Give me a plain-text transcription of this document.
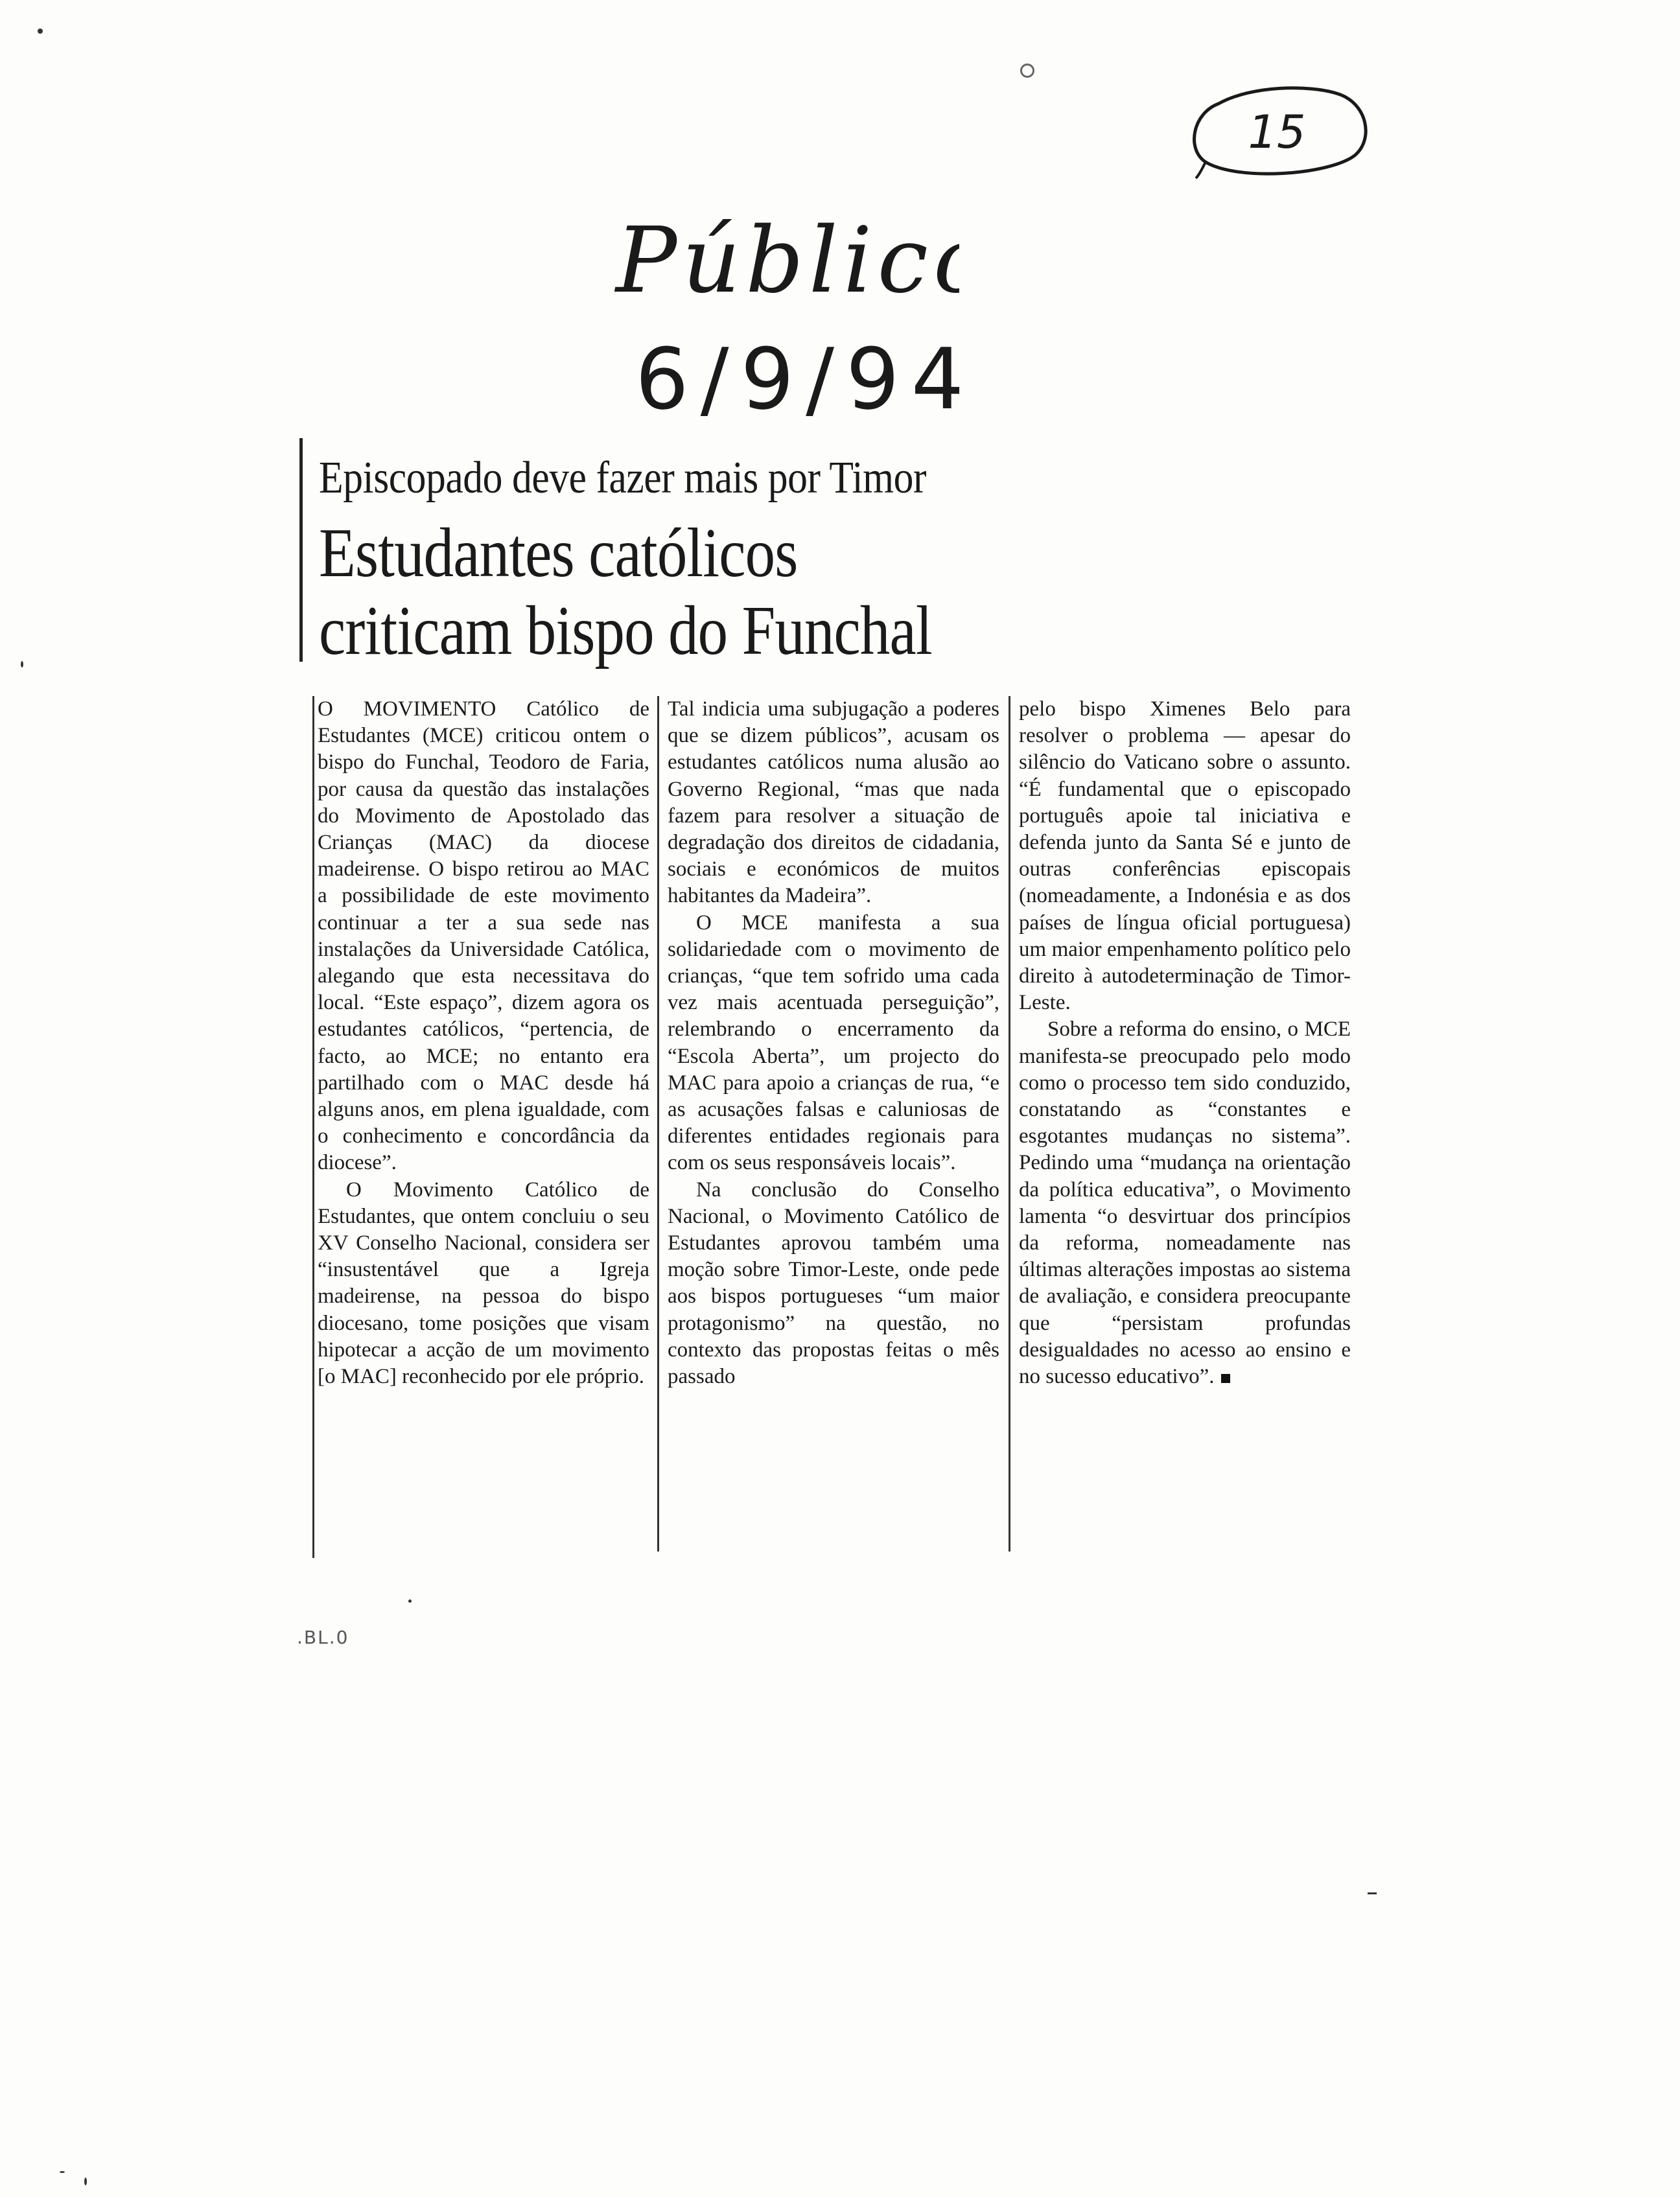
15
Público
6/9/94
Episcopado deve fazer mais por Timor
Estudantes católicos
criticam bispo do Funchal

O MOVIMENTO Católico de Estudantes (MCE) criticou ontem o bispo do Funchal, Teodoro de Faria, por causa da questão das instalações do Movimento de Apostolado das Crianças (MAC) da diocese madeirense. O bispo retirou ao MAC a possibilidade de este movimento continuar a ter a sua sede nas instalações da Universidade Católica, alegando que esta necessitava do local. “Este espaço”, dizem agora os estudantes católicos, “pertencia, de facto, ao MCE; no entanto era partilhado com o MAC desde há alguns anos, em plena igualdade, com o conhecimento e concordância da diocese”.

O Movimento Católico de Estudantes, que ontem concluiu o seu XV Conselho Nacional, considera ser “insustentável que a Igreja madeirense, na pessoa do bispo diocesano, tome posições que visam hipotecar a acção de um movimento [o MAC] reconhecido por ele próprio.

Tal indicia uma subjugação a poderes que se dizem públicos”, acusam os estudantes católicos numa alusão ao Governo Regional, “mas que nada fazem para resolver a situação de degradação dos direitos de cidadania, sociais e económicos de muitos habitantes da Madeira”.

O MCE manifesta a sua solidariedade com o movimento de crianças, “que tem sofrido uma cada vez mais acentuada perseguição”, relembrando o encerramento da “Escola Aberta”, um projecto do MAC para apoio a crianças de rua, “e as acusações falsas e caluniosas de diferentes entidades regionais para com os seus responsáveis locais”.

Na conclusão do Conselho Nacional, o Movimento Católico de Estudantes aprovou também uma moção sobre Timor-Leste, onde pede aos bispos portugueses “um maior protagonismo” na questão, no contexto das propostas feitas o mês passado

pelo bispo Ximenes Belo para resolver o problema — apesar do silêncio do Vaticano sobre o assunto. “É fundamental que o episcopado português apoie tal iniciativa e defenda junto da Santa Sé e junto de outras conferências episcopais (nomeadamente, a Indonésia e as dos países de língua oficial portuguesa) um maior empenhamento político pelo direito à autodeterminação de Timor-Leste.

Sobre a reforma do ensino, o MCE manifesta-se preocupado pelo modo como o processo tem sido conduzido, constatando as “constantes e esgotantes mudanças no sistema”. Pedindo uma “mudança na orientação da política educativa”, o Movimento lamenta “o desvirtuar dos princípios da reforma, nomeadamente nas últimas alterações impostas ao sistema de avaliação, e considera preocupante que “persistam profundas desigualdades no acesso ao ensino e no sucesso educativo”.

.BL.0
